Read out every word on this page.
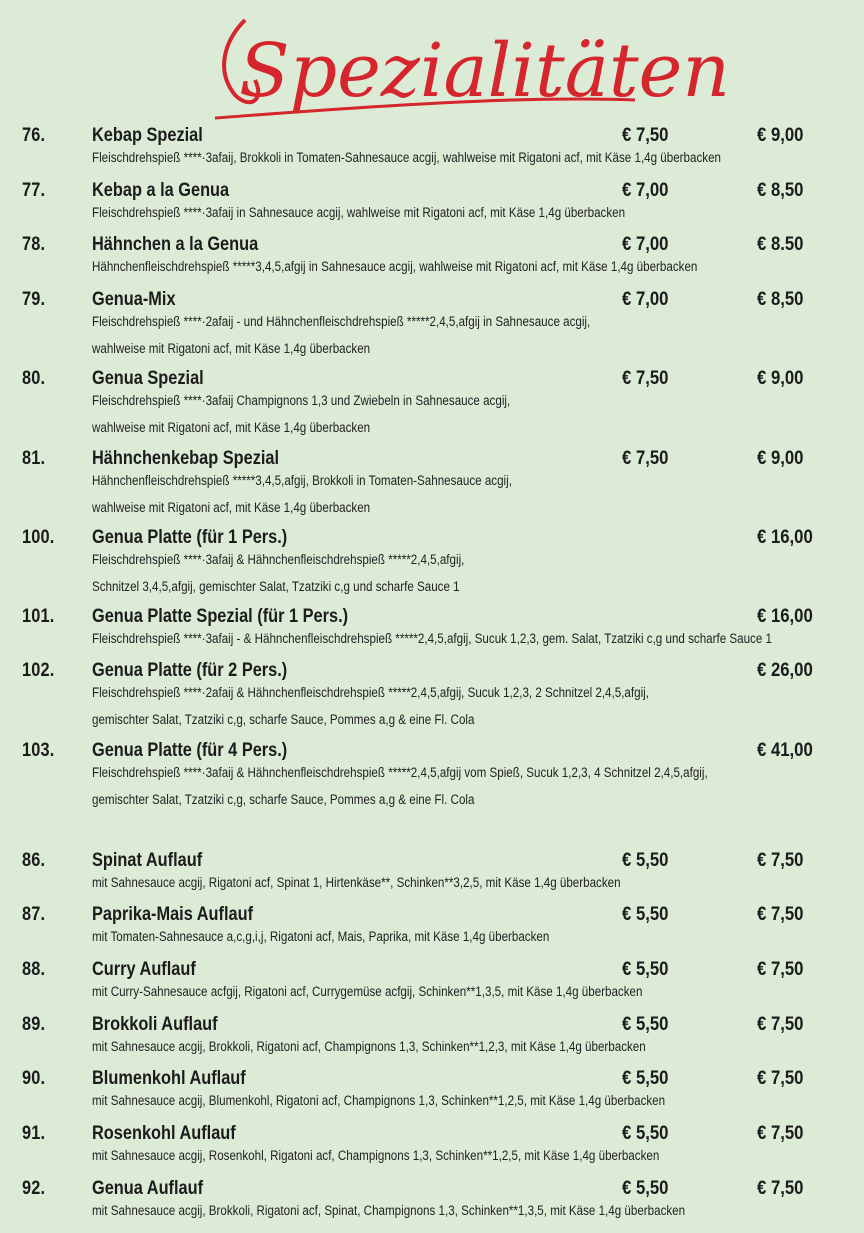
Spezialitäten
76. Kebap Spezial	€ 7,50	€ 9,00
Fleischdrehspieß ****·3afaij, Brokkoli in Tomaten-Sahnesauce acgij, wahlweise mit Rigatoni acf, mit Käse 1,4g überbacken
77. Kebap a la Genua	€ 7,00	€ 8,50
Fleischdrehspieß ****·3afaij in Sahnesauce acgij, wahlweise mit Rigatoni acf, mit Käse 1,4g überbacken
78. Hähnchen a la Genua	€ 7,00	€ 8.50
Hähnchenfleischdrehspieß *****3,4,5,afgij in Sahnesauce acgij, wahlweise mit Rigatoni acf, mit Käse 1,4g überbacken
79. Genua-Mix	€ 7,00	€ 8,50
Fleischdrehspieß ****·2afaij - und Hähnchenfleischdrehspieß *****2,4,5,afgij in Sahnesauce acgij,
wahlweise mit Rigatoni acf, mit Käse 1,4g überbacken
80. Genua Spezial	€ 7,50	€ 9,00
Fleischdrehspieß ****·3afaij Champignons 1,3 und Zwiebeln in Sahnesauce acgij,
wahlweise mit Rigatoni acf, mit Käse 1,4g überbacken
81. Hähnchenkebap Spezial	€ 7,50	€ 9,00
Hähnchenfleischdrehspieß *****3,4,5,afgij, Brokkoli in Tomaten-Sahnesauce acgij,
wahlweise mit Rigatoni acf, mit Käse 1,4g überbacken
100. Genua Platte (für 1 Pers.)	€ 16,00
Fleischdrehspieß ****·3afaij & Hähnchenfleischdrehspieß *****2,4,5,afgij,
Schnitzel 3,4,5,afgij, gemischter Salat, Tzatziki c,g und scharfe Sauce 1
101. Genua Platte Spezial (für 1 Pers.)	€ 16,00
Fleischdrehspieß ****·3afaij - & Hähnchenfleischdrehspieß *****2,4,5,afgij, Sucuk 1,2,3, gem. Salat, Tzatziki c,g und scharfe Sauce 1
102. Genua Platte (für 2 Pers.)	€ 26,00
Fleischdrehspieß ****·2afaij & Hähnchenfleischdrehspieß *****2,4,5,afgij, Sucuk 1,2,3, 2 Schnitzel 2,4,5,afgij,
gemischter Salat, Tzatziki c,g, scharfe Sauce, Pommes a,g & eine Fl. Cola
103. Genua Platte (für 4 Pers.)	€ 41,00
Fleischdrehspieß ****·3afaij & Hähnchenfleischdrehspieß *****2,4,5,afgij vom Spieß, Sucuk 1,2,3, 4 Schnitzel 2,4,5,afgij,
gemischter Salat, Tzatziki c,g, scharfe Sauce, Pommes a,g & eine Fl. Cola
86. Spinat Auflauf	€ 5,50	€ 7,50
mit Sahnesauce acgij, Rigatoni acf, Spinat 1, Hirtenkäse**, Schinken**3,2,5, mit Käse 1,4g überbacken
87. Paprika-Mais Auflauf	€ 5,50	€ 7,50
mit Tomaten-Sahnesauce a,c,g,i,j, Rigatoni acf, Mais, Paprika, mit Käse 1,4g überbacken
88. Curry Auflauf	€ 5,50	€ 7,50
mit Curry-Sahnesauce acfgij, Rigatoni acf, Currygemüse acfgij, Schinken**1,3,5, mit Käse 1,4g überbacken
89. Brokkoli Auflauf	€ 5,50	€ 7,50
mit Sahnesauce acgij, Brokkoli, Rigatoni acf, Champignons 1,3, Schinken**1,2,3, mit Käse 1,4g überbacken
90. Blumenkohl Auflauf	€ 5,50	€ 7,50
mit Sahnesauce acgij, Blumenkohl, Rigatoni acf, Champignons 1,3, Schinken**1,2,5, mit Käse 1,4g überbacken
91. Rosenkohl Auflauf	€ 5,50	€ 7,50
mit Sahnesauce acgij, Rosenkohl, Rigatoni acf, Champignons 1,3, Schinken**1,2,5, mit Käse 1,4g überbacken
92. Genua Auflauf	€ 5,50	€ 7,50
mit Sahnesauce acgij, Brokkoli, Rigatoni acf, Spinat, Champignons 1,3, Schinken**1,3,5, mit Käse 1,4g überbacken
